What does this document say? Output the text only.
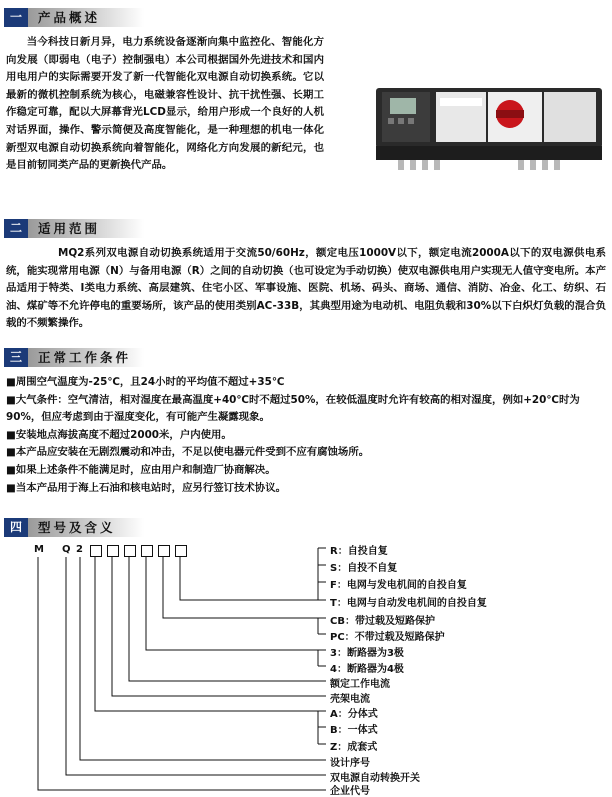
一	产品概述

当今科技日新月异，电力系统设备逐渐向集中监控化、智能化方向发展（即弱电（电子）控制强电）本公司根据国外先进技术和国内用电用户的实际需要开发了新一代智能化双电源自动切换系统。它以最新的微机控制系统为核心，电磁兼容性设计、抗干扰性强、长期工作稳定可靠，配以大屏幕背光LCD显示，给用户形成一个良好的人机对话界面，操作、警示简便及高度智能化，是一种理想的机电一体化新型双电源自动切换系统向着智能化，网络化方向发展的新纪元，也是目前韧同类产品的更新换代产品。

二	适用范围

MQ2系列双电源自动切换系统适用于交流50/60Hz，额定电压1000V以下，额定电流2000A以下的双电源供电系统，能实现常用电源（N）与备用电源（R）之间的自动切换（也可设定为手动切换）使双电源供电用户实现无人值守变电所。本产品适用于特类、Ⅰ类电力系统、高层建筑、住宅小区、军事设施、医院、机场、码头、商场、通信、消防、冶金、化工、纺织、石油、煤矿等不允许停电的重要场所，该产品的使用类别AC-33B，其典型用途为电动机、电阻负载和30%以下白炽灯负载的混合负载的不频繁操作。

三	正常工作条件
■周围空气温度为-25℃，且24小时的平均值不超过+35℃
■大气条件：空气清洁，相对湿度在最高温度+40℃时不超过50%，在较低温度时允许有较高的相对湿度，例如+20℃时为90%，但应考虑到由于湿度变化，有可能产生凝露现象。
■安装地点海拔高度不超过2000米，户内使用。
■本产品应安装在无剧烈震动和冲击，不足以使电器元件受到不应有腐蚀场所。
■如果上述条件不能满足时，应由用户和制造厂协商解决。
■当本产品用于海上石油和核电站时，应另行签订技术协议。
四	型号及含义
M Q 2	R：自投自复
S：自投不自复
F：电网与发电机间的自投自复
T：电网与自动发电机间的自投自复
CB：带过载及短路保护
PC：不带过载及短路保护
3：断路器为3极
4：断路器为4极
额定工作电流
壳架电流
A：分体式
B：一体式
Z：成套式
设计序号
双电源自动转换开关
企业代号
